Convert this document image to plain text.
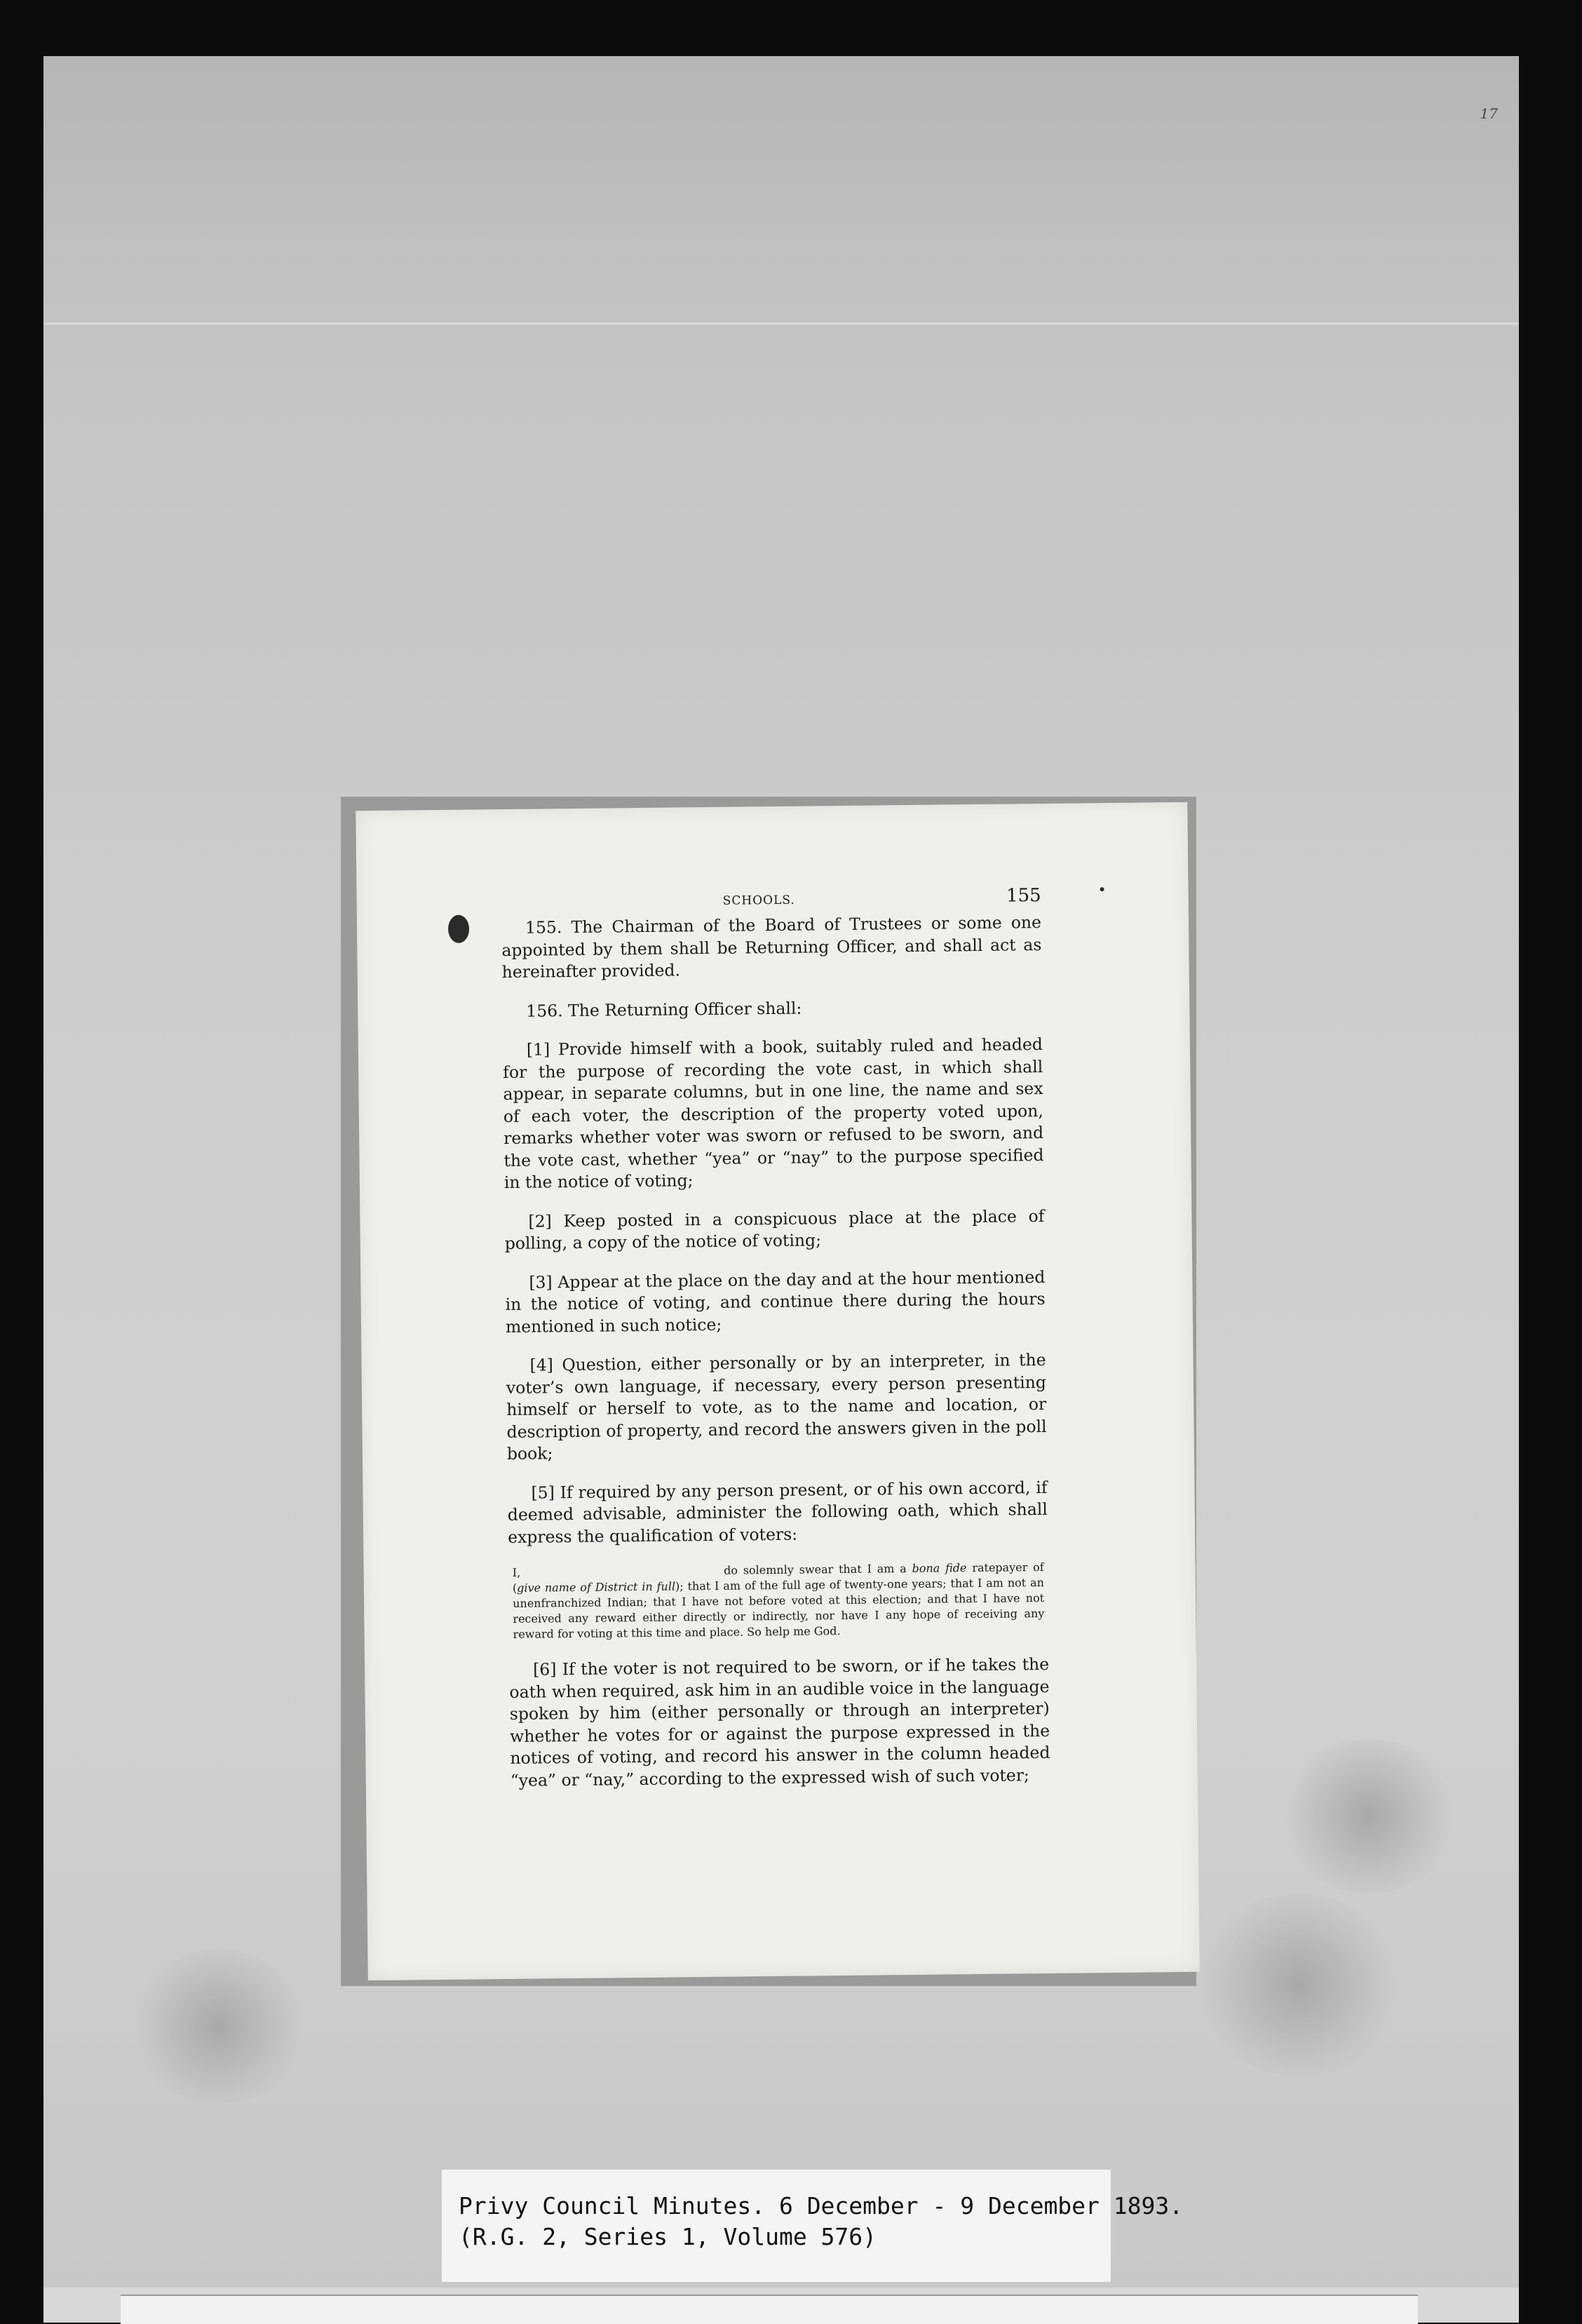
17
SCHOOLS.	155

155. The Chairman of the Board of Trustees or some one appointed by them shall be Returning Officer, and shall act as hereinafter provided.

156. The Returning Officer shall:

[1] Provide himself with a book, suitably ruled and headed for the purpose of recording the vote cast, in which shall appear, in separate columns, but in one line, the name and sex of each voter, the description of the property voted upon, remarks whether voter was sworn or refused to be sworn, and the vote cast, whether “yea” or “nay” to the purpose specified in the notice of voting;

[2] Keep posted in a conspicuous place at the place of polling, a copy of the notice of voting;

[3] Appear at the place on the day and at the hour mentioned in the notice of voting, and continue there during the hours mentioned in such notice;

[4] Question, either personally or by an interpreter, in the voter’s own language, if necessary, every person presenting himself or herself to vote, as to the name and location, or description of property, and record the answers given in the poll book;

[5] If required by any person present, or of his own accord, if deemed advisable, administer the following oath, which shall express the qualification of voters:

I,	do solemnly swear that I am a bona fide ratepayer of (give name of District in full); that I am of the full age of twenty-one years; that I am not an unenfranchized Indian; that I have not before voted at this election; and that I have not received any reward either directly or indirectly, nor have I any hope of receiving any reward for voting at this time and place. So help me God.

[6] If the voter is not required to be sworn, or if he takes the oath when required, ask him in an audible voice in the language spoken by him (either personally or through an interpreter) whether he votes for or against the purpose expressed in the notices of voting, and record his answer in the column headed “yea” or “nay,” according to the expressed wish of such voter;

Privy Council Minutes. 6 December - 9 December 1893.
(R.G. 2, Series 1, Volume 576)
